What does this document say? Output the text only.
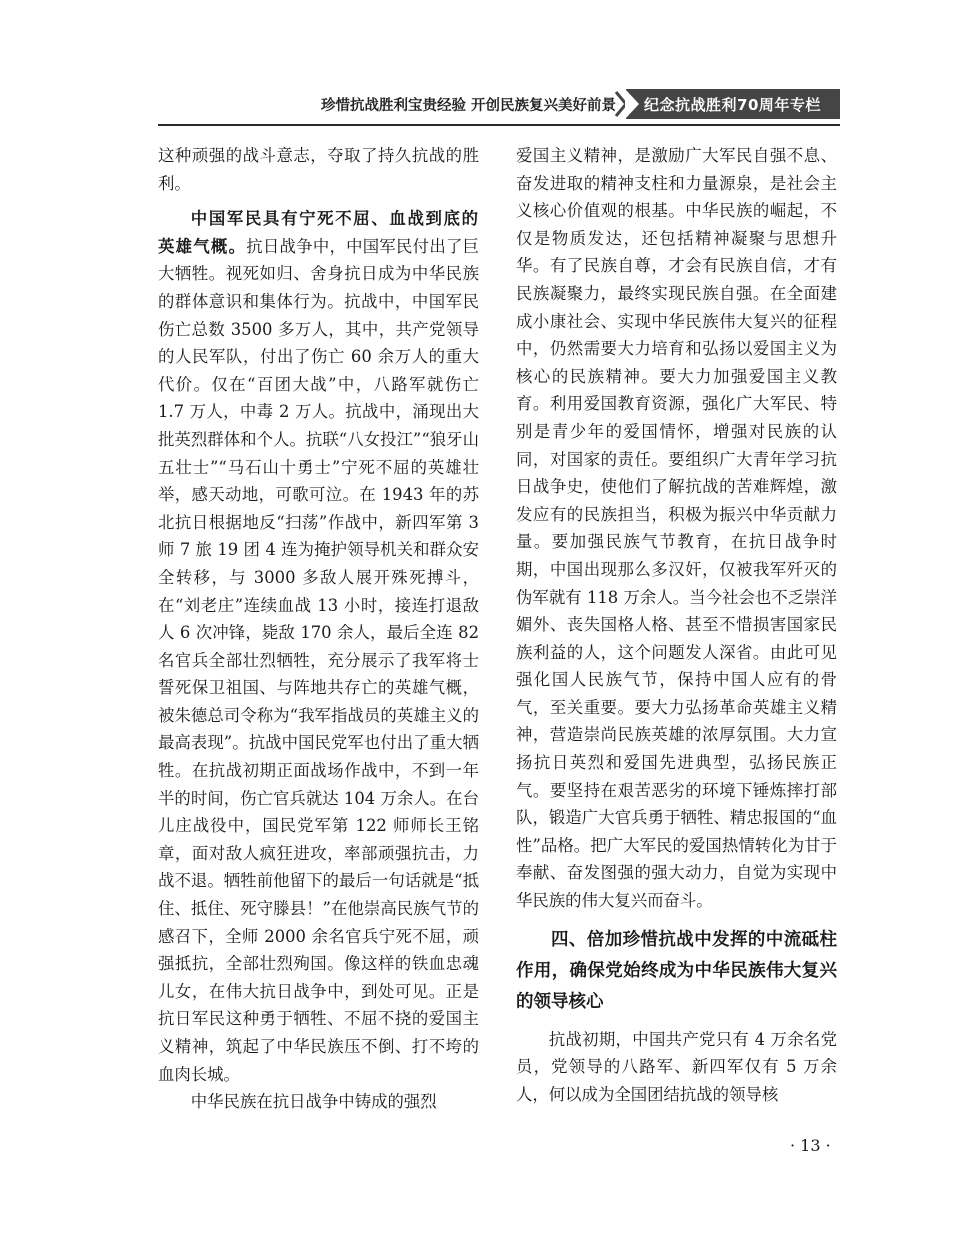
珍惜抗战胜利宝贵经验 开创民族复兴美好前景 纪念抗战胜利70周年专栏

这种顽强的战斗意志，夺取了持久抗战的胜利。

中国军民具有宁死不屈、血战到底的英雄气概。抗日战争中，中国军民付出了巨大牺牲。视死如归、舍身抗日成为中华民族的群体意识和集体行为。抗战中，中国军民伤亡总数 3500 多万人，其中，共产党领导的人民军队，付出了伤亡 60 余万人的重大代价。仅在“百团大战”中，八路军就伤亡 1.7 万人，中毒 2 万人。抗战中，涌现出大批英烈群体和个人。抗联“八女投江”“狼牙山五壮士”“马石山十勇士”宁死不屈的英雄壮举，感天动地，可歌可泣。在 1943 年的苏北抗日根据地反“扫荡”作战中，新四军第 3 师 7 旅 19 团 4 连为掩护领导机关和群众安全转移，与 3000 多敌人展开殊死搏斗，在“刘老庄”连续血战 13 小时，接连打退敌人 6 次冲锋，毙敌 170 余人，最后全连 82 名官兵全部壮烈牺牲，充分展示了我军将士誓死保卫祖国、与阵地共存亡的英雄气概，被朱德总司令称为“我军指战员的英雄主义的最高表现”。抗战中国民党军也付出了重大牺牲。在抗战初期正面战场作战中，不到一年半的时间，伤亡官兵就达 104 万余人。在台儿庄战役中，国民党军第 122 师师长王铭章，面对敌人疯狂进攻，率部顽强抗击，力战不退。牺牲前他留下的最后一句话就是“抵住、抵住、死守滕县！”在他崇高民族气节的感召下，全师 2000 余名官兵宁死不屈，顽强抵抗，全部壮烈殉国。像这样的铁血忠魂儿女，在伟大抗日战争中，到处可见。正是抗日军民这种勇于牺牲、不屈不挠的爱国主义精神，筑起了中华民族压不倒、打不垮的血肉长城。

中华民族在抗日战争中铸成的强烈

爱国主义精神，是激励广大军民自强不息、奋发进取的精神支柱和力量源泉，是社会主义核心价值观的根基。中华民族的崛起，不仅是物质发达，还包括精神凝聚与思想升华。有了民族自尊，才会有民族自信，才有民族凝聚力，最终实现民族自强。在全面建成小康社会、实现中华民族伟大复兴的征程中，仍然需要大力培育和弘扬以爱国主义为核心的民族精神。要大力加强爱国主义教育。利用爱国教育资源，强化广大军民、特别是青少年的爱国情怀，增强对民族的认同，对国家的责任。要组织广大青年学习抗日战争史，使他们了解抗战的苦难辉煌，激发应有的民族担当，积极为振兴中华贡献力量。要加强民族气节教育，在抗日战争时期，中国出现那么多汉奸，仅被我军歼灭的伪军就有 118 万余人。当今社会也不乏崇洋媚外、丧失国格人格、甚至不惜损害国家民族利益的人，这个问题发人深省。由此可见强化国人民族气节，保持中国人应有的骨气，至关重要。要大力弘扬革命英雄主义精神，营造崇尚民族英雄的浓厚氛围。大力宣扬抗日英烈和爱国先进典型，弘扬民族正气。要坚持在艰苦恶劣的环境下锤炼摔打部队，锻造广大官兵勇于牺牲、精忠报国的“血性”品格。把广大军民的爱国热情转化为甘于奉献、奋发图强的强大动力，自觉为实现中华民族的伟大复兴而奋斗。

四、倍加珍惜抗战中发挥的中流砥柱作用，确保党始终成为中华民族伟大复兴的领导核心

抗战初期，中国共产党只有 4 万余名党员，党领导的八路军、新四军仅有 5 万余人，何以成为全国团结抗战的领导核

· 13 ·
